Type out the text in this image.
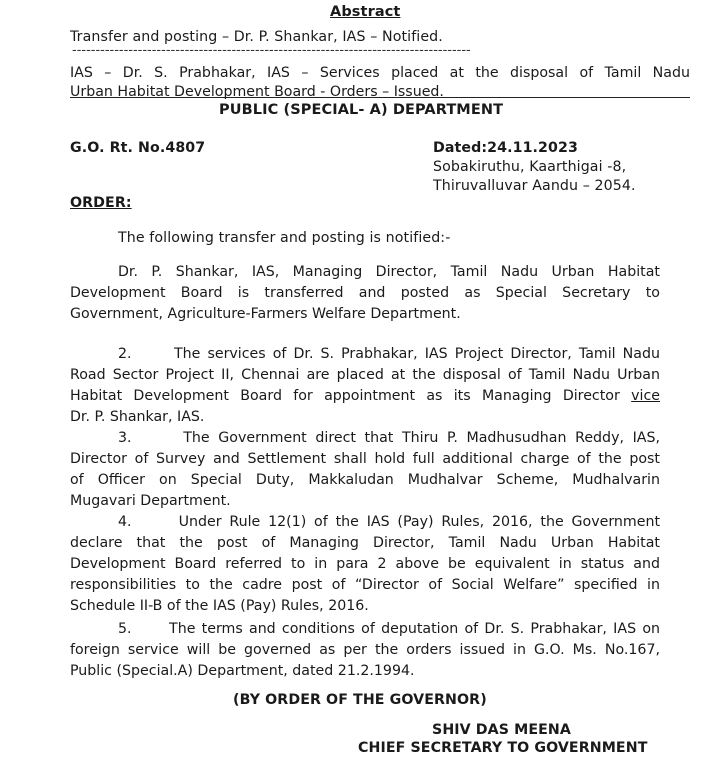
Abstract
Transfer and posting – Dr. P. Shankar, IAS – Notified.
-------------------------------------------------------------------------------------
IAS – Dr. S. Prabhakar, IAS – Services placed at the disposal of Tamil Nadu
Urban Habitat Development Board - Orders – Issued.
PUBLIC (SPECIAL- A) DEPARTMENT
G.O. Rt. No.4807	Dated:24.11.2023
Sobakiruthu, Kaarthigai -8,
Thiruvalluvar Aandu – 2054.
ORDER:
The following transfer and posting is notified:-
Dr. P. Shankar, IAS, Managing Director, Tamil Nadu Urban Habitat
Development Board is transferred and posted as Special Secretary to
Government, Agriculture-Farmers Welfare Department.
2.	The services of Dr. S. Prabhakar, IAS Project Director, Tamil Nadu
Road Sector Project II, Chennai are placed at the disposal of Tamil Nadu Urban
Habitat Development Board for appointment as its Managing Director vice
Dr. P. Shankar, IAS.
3.	The Government direct that Thiru P. Madhusudhan Reddy, IAS,
Director of Survey and Settlement shall hold full additional charge of the post
of Officer on Special Duty, Makkaludan Mudhalvar Scheme, Mudhalvarin
Mugavari Department.
4.	Under Rule 12(1) of the IAS (Pay) Rules, 2016, the Government
declare that the post of Managing Director, Tamil Nadu Urban Habitat
Development Board referred to in para 2 above be equivalent in status and
responsibilities to the cadre post of “Director of Social Welfare” specified in
Schedule II-B of the IAS (Pay) Rules, 2016.
5.	The terms and conditions of deputation of Dr. S. Prabhakar, IAS on
foreign service will be governed as per the orders issued in G.O. Ms. No.167,
Public (Special.A) Department, dated 21.2.1994.
(BY ORDER OF THE GOVERNOR)
SHIV DAS MEENA
CHIEF SECRETARY TO GOVERNMENT
